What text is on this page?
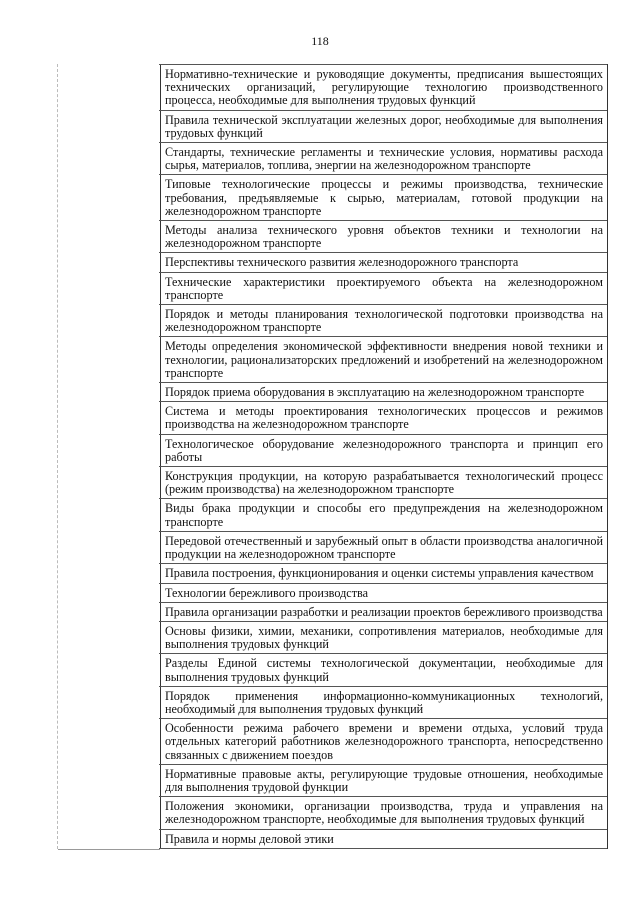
118
Нормативно-технические и руководящие документы, предписания вышестоящих технических организаций, регулирующие технологию производственного процесса, необходимые для выполнения трудовых функций
Правила технической эксплуатации железных дорог, необходимые для выполнения трудовых функций
Стандарты, технические регламенты и технические условия, нормативы расхода сырья, материалов, топлива, энергии на железнодорожном транспорте
Типовые технологические процессы и режимы производства, технические требования, предъявляемые к сырью, материалам, готовой продукции на железнодорожном транспорте
Методы анализа технического уровня объектов техники и технологии на железнодорожном транспорте
Перспективы технического развития железнодорожного транспорта
Технические характеристики проектируемого объекта на железнодорожном транспорте
Порядок и методы планирования технологической подготовки производства на железнодорожном транспорте
Методы определения экономической эффективности внедрения новой техники и технологии, рационализаторских предложений и изобретений на железнодорожном транспорте
Порядок приема оборудования в эксплуатацию на железнодорожном транспорте
Система и методы проектирования технологических процессов и режимов производства на железнодорожном транспорте
Технологическое оборудование железнодорожного транспорта и принцип его работы
Конструкция продукции, на которую разрабатывается технологический процесс (режим производства) на железнодорожном транспорте
Виды брака продукции и способы его предупреждения на железнодорожном транспорте
Передовой отечественный и зарубежный опыт в области производства аналогичной продукции на железнодорожном транспорте
Правила построения, функционирования и оценки системы управления качеством
Технологии бережливого производства
Правила организации разработки и реализации проектов бережливого производства
Основы физики, химии, механики, сопротивления материалов, необходимые для выполнения трудовых функций
Разделы Единой системы технологической документации, необходимые для выполнения трудовых функций
Порядок применения информационно-коммуникационных технологий, необходимый для выполнения трудовых функций
Особенности режима рабочего времени и времени отдыха, условий труда отдельных категорий работников железнодорожного транспорта, непосредственно связанных с движением поездов
Нормативные правовые акты, регулирующие трудовые отношения, необходимые для выполнения трудовой функции
Положения экономики, организации производства, труда и управления на железнодорожном транспорте, необходимые для выполнения трудовых функций
Правила и нормы деловой этики
